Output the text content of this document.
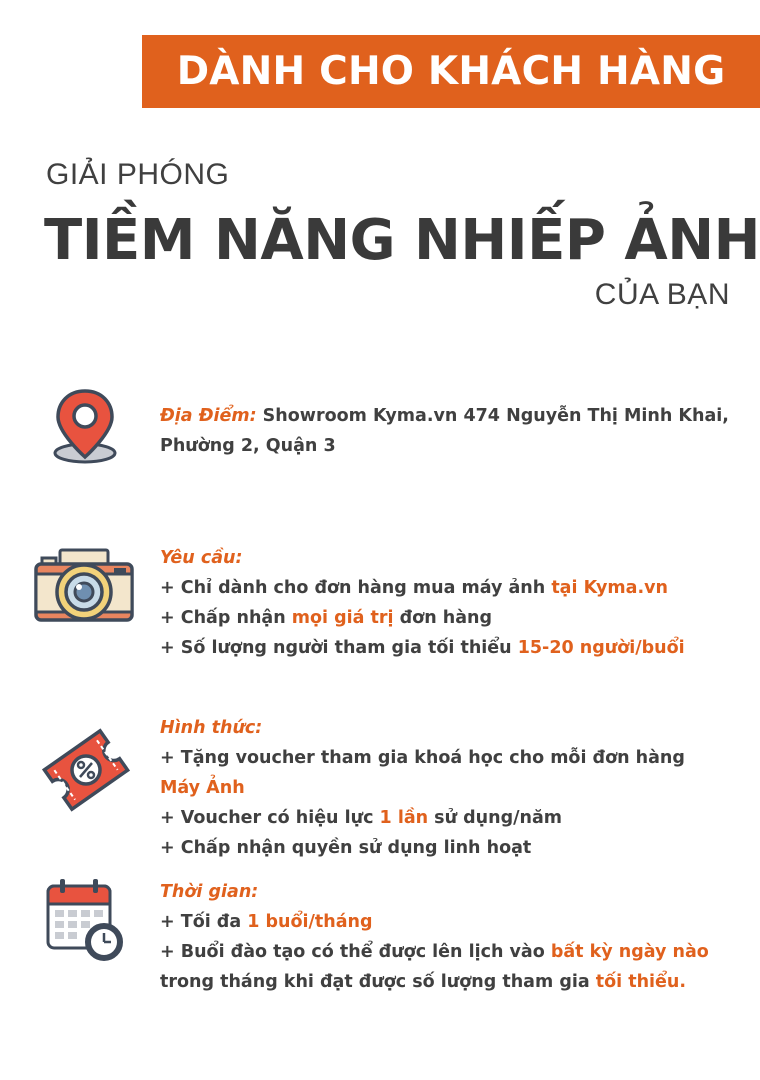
DÀNH CHO KHÁCH HÀNG
GIẢI PHÓNG
TIỀM NĂNG NHIẾP ẢNH
CỦA BẠN
Địa Điểm: Showroom Kyma.vn 474 Nguyễn Thị Minh Khai,
Phường 2, Quận 3
Yêu cầu:
+ Chỉ dành cho đơn hàng mua máy ảnh tại Kyma.vn
+ Chấp nhận mọi giá trị đơn hàng
+ Số lượng người tham gia tối thiểu 15-20 người/buổi
Hình thức:
+ Tặng voucher tham gia khoá học cho mỗi đơn hàng
Máy Ảnh
+ Voucher có hiệu lực 1 lần sử dụng/năm
+ Chấp nhận quyền sử dụng linh hoạt
Thời gian:
+ Tối đa 1 buổi/tháng
+ Buổi đào tạo có thể được lên lịch vào bất kỳ ngày nào
trong tháng khi đạt được số lượng tham gia tối thiểu.
